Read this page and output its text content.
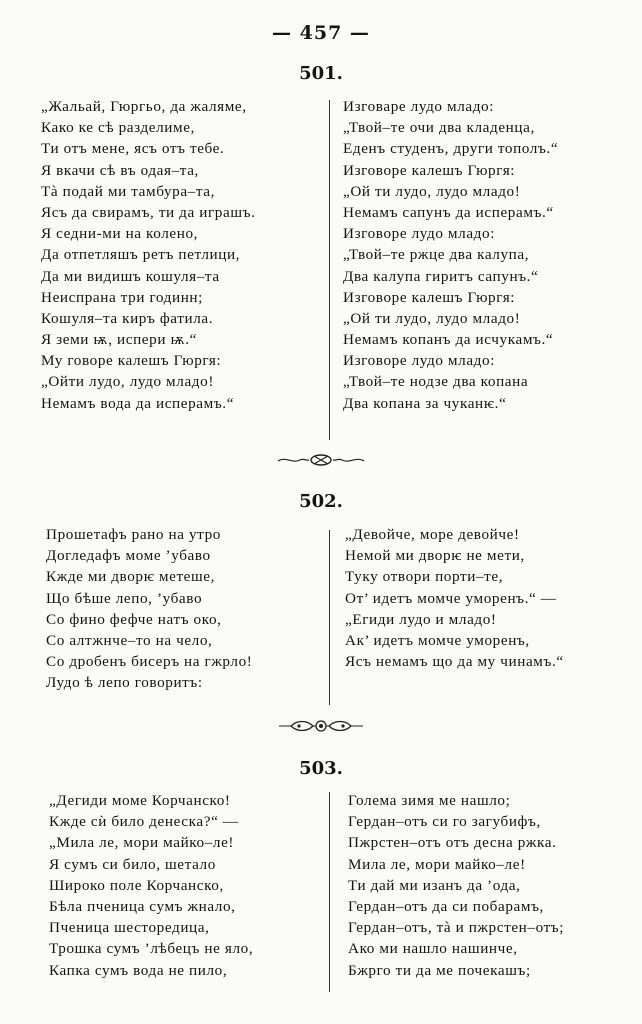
— 457 —
501.
„Жальай, Гюргьо, да жаляме,
Како ке сѣ разделиме,
Ти отъ мене, ясъ отъ тебе.
Я вкачи сѣ въ одая–та,
Тà подай ми тамбура–та,
Ясъ да свирамъ, ти да играшъ.
Я седни-ми на колено,
Да отпетляшъ ретъ петлици,
Да ми видишъ кошуля–та
Неиспрана три годинн;
Кошуля–та киръ фатила.
Я земи ѭ, испери ѭ.“
Му говоре калешъ Гюргя:
„Ойти лудо, лудо младо!
Немамъ вода да исперамъ.“
Изговаре лудо младо:
„Твой–те очи два кладенца,
Еденъ студенъ, други тополъ.“
Изговоре калешъ Гюргя:
„Ой ти лудо, лудо младо!
Немамъ сапунъ да исперамъ.“
Изговоре лудо младо:
„Твой–те ржце два калупа,
Два калупа гиритъ сапунъ.“
Изговоре калешъ Гюргя:
„Ой ти лудо, лудо младо!
Немамъ копанъ да исчукамъ.“
Изговоре лудо младо:
„Твой–те нодзе два копана
Два копана за чуканѥ.“
502.
Прошетафъ рано на утро
Догледафъ моме ’убаво
Кжде ми дворѥ метеше,
Що бѣше лепо, ’убаво
Со фино фефче натъ око,
Со алтжнче–то на чело,
Со дробенъ бисеръ на гжрло!
Лудо ѣ лепо говоритъ:
„Девойче, море девойче!
Немой ми дворѥ не мети,
Туку отвори порти–те,
От’ идетъ момче уморенъ.“ —
„Егиди лудо и младо!
Ак’ идетъ момче уморенъ,
Ясъ немамъ що да му чинамъ.“
503.
„Дегиди моме Корчанско!
Кжде сѝ било денеска?“ —
„Мила ле, мори майко–ле!
Я сумъ си било, шетало
Широко поле Корчанско,
Бѣла пченица сумъ жнало,
Пченица шесторедица,
Трошка сумъ ’лѣбецъ не яло,
Капка сумъ вода не пило,
Голема зимя ме нашло;
Гердан–отъ си го загубифъ,
Пжрстен–отъ отъ десна ржка.
Мила ле, мори майко–ле!
Ти дай ми изанъ да ’ода,
Гердан–отъ да си побарамъ,
Гердан–отъ, тà и пжрстен–отъ;
Ако ми нашло нашинче,
Бжрго ти да ме почекашъ;
